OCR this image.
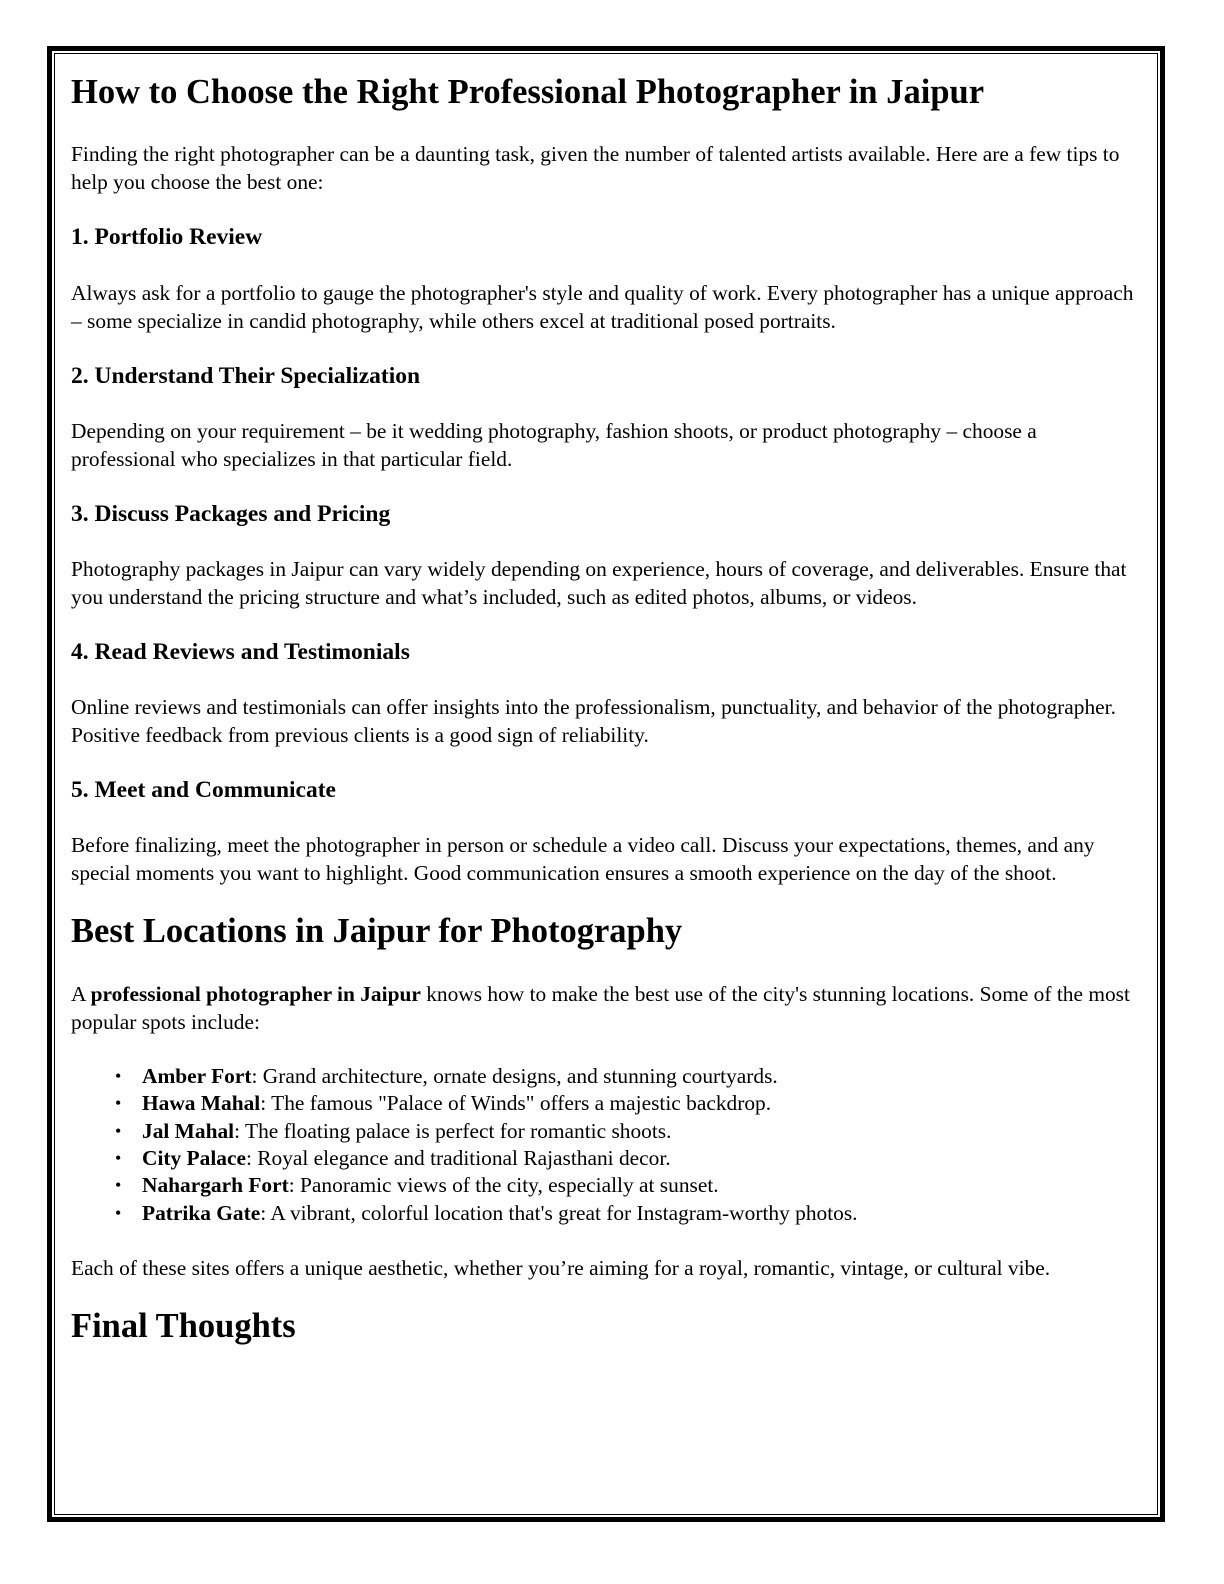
How to Choose the Right Professional Photographer in Jaipur

Finding the right photographer can be a daunting task, given the number of talented artists available. Here are a few tips to help you choose the best one:

1. Portfolio Review

Always ask for a portfolio to gauge the photographer's style and quality of work. Every photographer has a unique approach – some specialize in candid photography, while others excel at traditional posed portraits.

2. Understand Their Specialization

Depending on your requirement – be it wedding photography, fashion shoots, or product photography – choose a professional who specializes in that particular field.

3. Discuss Packages and Pricing

Photography packages in Jaipur can vary widely depending on experience, hours of coverage, and deliverables. Ensure that you understand the pricing structure and what’s included, such as edited photos, albums, or videos.

4. Read Reviews and Testimonials

Online reviews and testimonials can offer insights into the professionalism, punctuality, and behavior of the photographer. Positive feedback from previous clients is a good sign of reliability.

5. Meet and Communicate

Before finalizing, meet the photographer in person or schedule a video call. Discuss your expectations, themes, and any special moments you want to highlight. Good communication ensures a smooth experience on the day of the shoot.

Best Locations in Jaipur for Photography

A professional photographer in Jaipur knows how to make the best use of the city's stunning locations. Some of the most popular spots include:

• Amber Fort: Grand architecture, ornate designs, and stunning courtyards.
• Hawa Mahal: The famous "Palace of Winds" offers a majestic backdrop.
• Jal Mahal: The floating palace is perfect for romantic shoots.
• City Palace: Royal elegance and traditional Rajasthani decor.
• Nahargarh Fort: Panoramic views of the city, especially at sunset.
• Patrika Gate: A vibrant, colorful location that's great for Instagram-worthy photos.

Each of these sites offers a unique aesthetic, whether you’re aiming for a royal, romantic, vintage, or cultural vibe.

Final Thoughts
